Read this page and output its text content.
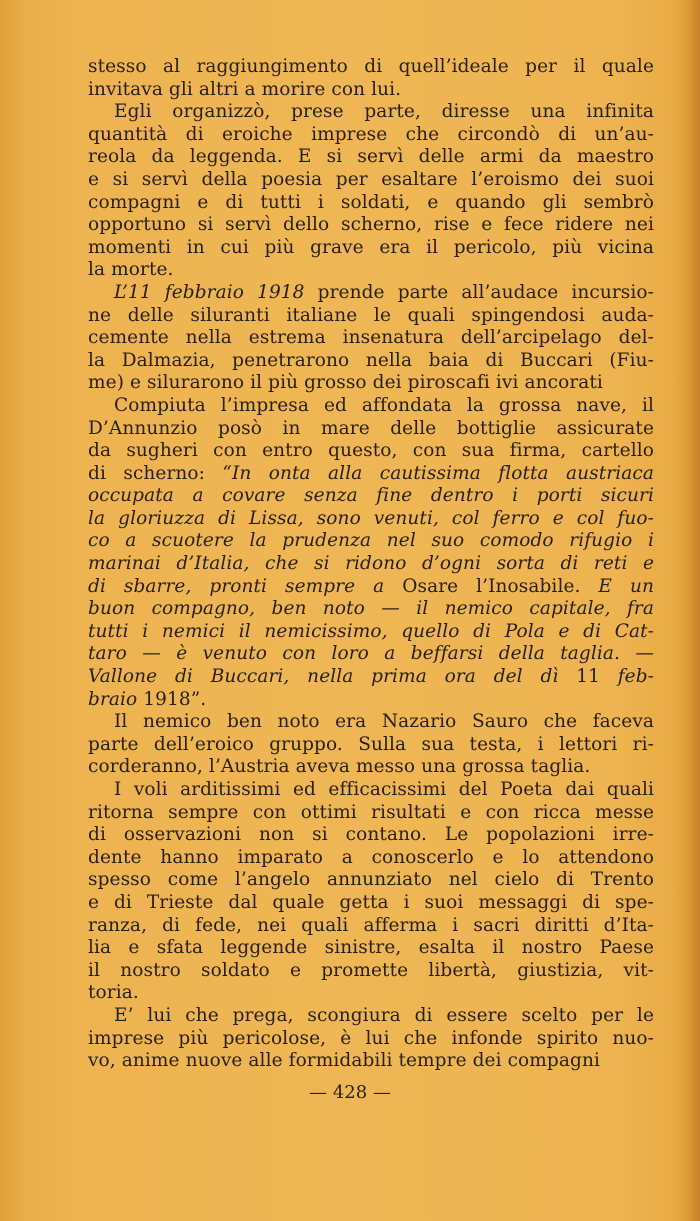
stesso al raggiungimento di quell’ideale per il quale
invitava gli altri a morire con lui.
Egli organizzò, prese parte, diresse una infinita
quantità di eroiche imprese che circondò di un’au-
reola da leggenda. E si servì delle armi da maestro
e si servì della poesia per esaltare l’eroismo dei suoi
compagni e di tutti i soldati, e quando gli sembrò
opportuno si servì dello scherno, rise e fece ridere nei
momenti in cui più grave era il pericolo, più vicina
la morte.
L’11 febbraio 1918 prende parte all’audace incursio-
ne delle siluranti italiane le quali spingendosi auda-
cemente nella estrema insenatura dell’arcipelago del-
la Dalmazia, penetrarono nella baia di Buccari (Fiu-
me) e silurarono il più grosso dei piroscafi ivi ancorati
Compiuta l’impresa ed affondata la grossa nave, il
D’Annunzio posò in mare delle bottiglie assicurate
da sugheri con entro questo, con sua firma, cartello
di scherno: “In onta alla cautissima flotta austriaca
occupata a covare senza fine dentro i porti sicuri
la gloriuzza di Lissa, sono venuti, col ferro e col fuo-
co a scuotere la prudenza nel suo comodo rifugio i
marinai d’Italia, che si ridono d’ogni sorta di reti e
di sbarre, pronti sempre a Osare l’Inosabile. E un
buon compagno, ben noto — il nemico capitale, fra
tutti i nemici il nemicissimo, quello di Pola e di Cat-
taro — è venuto con loro a beffarsi della taglia. —
Vallone di Buccari, nella prima ora del dì 11 feb-
braio 1918”.
Il nemico ben noto era Nazario Sauro che faceva
parte dell’eroico gruppo. Sulla sua testa, i lettori ri-
corderanno, l’Austria aveva messo una grossa taglia.
I voli arditissimi ed efficacissimi del Poeta dai quali
ritorna sempre con ottimi risultati e con ricca messe
di osservazioni non si contano. Le popolazioni irre-
dente hanno imparato a conoscerlo e lo attendono
spesso come l’angelo annunziato nel cielo di Trento
e di Trieste dal quale getta i suoi messaggi di spe-
ranza, di fede, nei quali afferma i sacri diritti d’Ita-
lia e sfata leggende sinistre, esalta il nostro Paese
il nostro soldato e promette libertà, giustizia, vit-
toria.
E’ lui che prega, scongiura di essere scelto per le
imprese più pericolose, è lui che infonde spirito nuo-
vo, anime nuove alle formidabili tempre dei compagni
— 428 —
